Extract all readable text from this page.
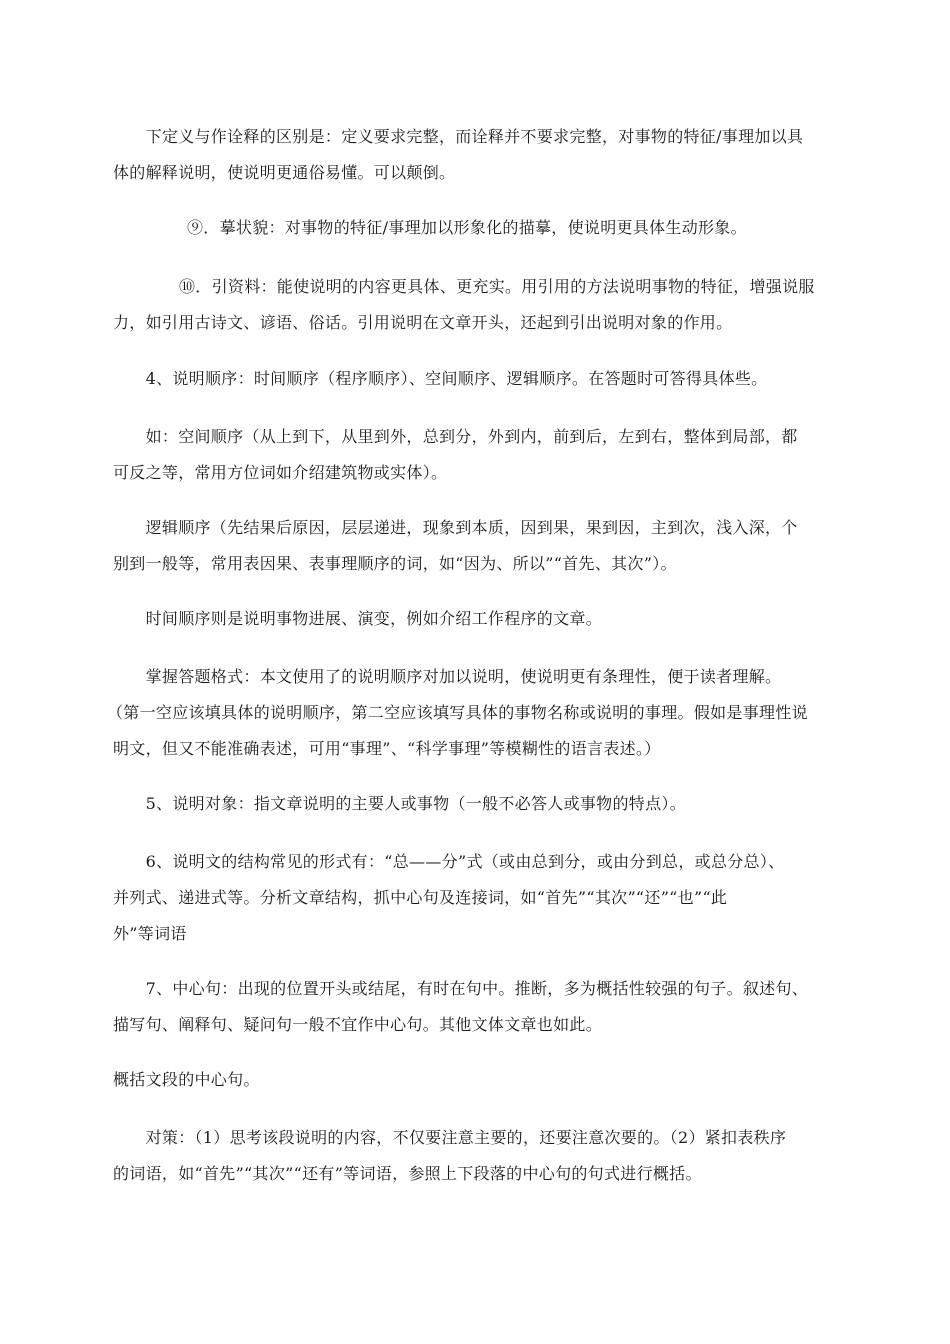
　　下定义与作诠释的区别是：定义要求完整，而诠释并不要求完整，对事物的特征/事理加以具
体的解释说明，使说明更通俗易懂。可以颠倒。
⑨．摹状貌：对事物的特征/事理加以形象化的描摹，使说明更具体生动形象。
⑩．引资料：能使说明的内容更具体、更充实。用引用的方法说明事物的特征，增强说服
力，如引用古诗文、谚语、俗话。引用说明在文章开头，还起到引出说明对象的作用。
　　4、说明顺序：时间顺序（程序顺序）、空间顺序、逻辑顺序。在答题时可答得具体些。
　　如：空间顺序（从上到下，从里到外，总到分，外到内，前到后，左到右，整体到局部，都
可反之等，常用方位词如介绍建筑物或实体）。
　　逻辑顺序（先结果后原因，层层递进，现象到本质，因到果，果到因，主到次，浅入深，个
别到一般等，常用表因果、表事理顺序的词，如“因为、所以”“首先、其次”）。
　　时间顺序则是说明事物进展、演变，例如介绍工作程序的文章。
　　掌握答题格式：本文使用了的说明顺序对加以说明，使说明更有条理性，便于读者理解。
（第一空应该填具体的说明顺序，第二空应该填写具体的事物名称或说明的事理。假如是事理性说
明文，但又不能准确表述，可用“事理”、“科学事理”等模糊性的语言表述。）
　　5、说明对象：指文章说明的主要人或事物（一般不必答人或事物的特点）。
　　6、说明文的结构常见的形式有：“总——分”式（或由总到分，或由分到总，或总分总）、
并列式、递进式等。分析文章结构，抓中心句及连接词，如“首先”“其次”“还”“也”“此
外”等词语
　　7、中心句：出现的位置开头或结尾，有时在句中。推断，多为概括性较强的句子。叙述句、
描写句、阐释句、疑问句一般不宜作中心句。其他文体文章也如此。
概括文段的中心句。
　　对策：（1）思考该段说明的内容，不仅要注意主要的，还要注意次要的。（2）紧扣表秩序
的词语，如“首先”“其次”“还有”等词语，参照上下段落的中心句的句式进行概括。
